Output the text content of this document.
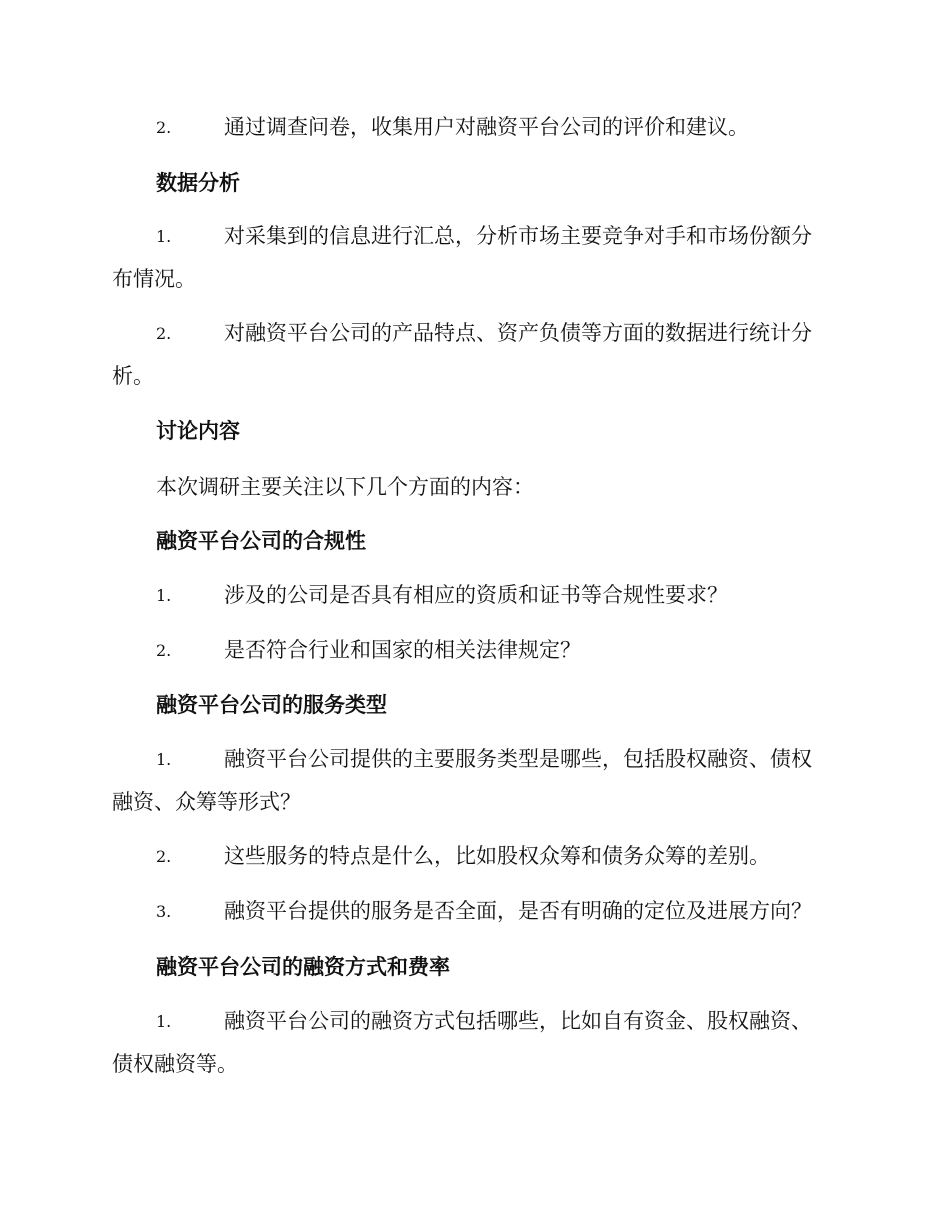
2.	通过调查问卷，收集用户对融资平台公司的评价和建议。
数据分析
1.	对采集到的信息进行汇总，分析市场主要竞争对手和市场份额分
布情况。
2.	对融资平台公司的产品特点、资产负债等方面的数据进行统计分
析。
讨论内容
本次调研主要关注以下几个方面的内容：
融资平台公司的合规性
1.	涉及的公司是否具有相应的资质和证书等合规性要求？
2.	是否符合行业和国家的相关法律规定？
融资平台公司的服务类型
1.	融资平台公司提供的主要服务类型是哪些，包括股权融资、债权
融资、众筹等形式？
2.	这些服务的特点是什么，比如股权众筹和债务众筹的差别。
3.	融资平台提供的服务是否全面，是否有明确的定位及进展方向？
融资平台公司的融资方式和费率
1.	融资平台公司的融资方式包括哪些，比如自有资金、股权融资、
债权融资等。
